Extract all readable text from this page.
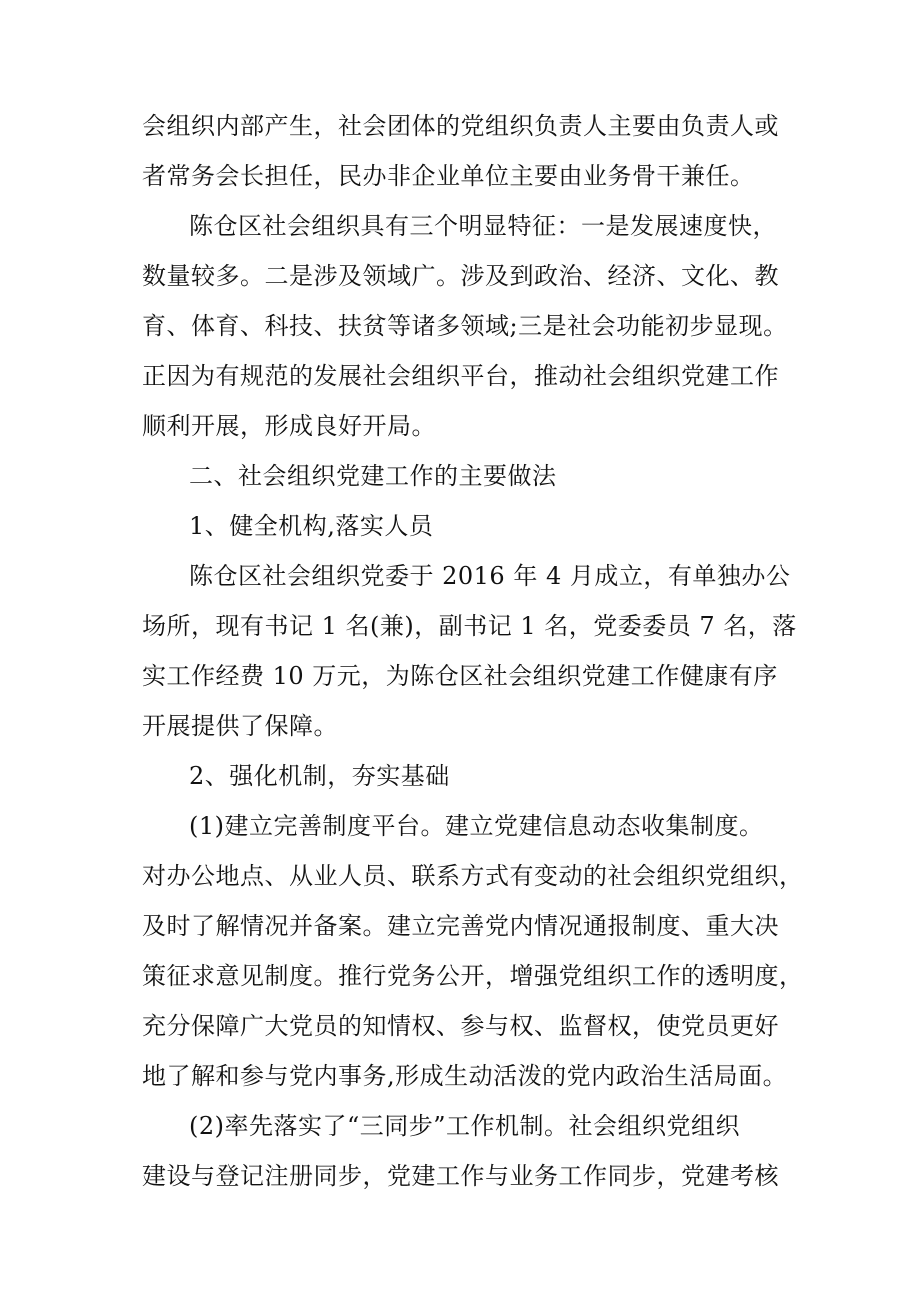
会组织内部产生，社会团体的党组织负责人主要由负责人或
者常务会长担任，民办非企业单位主要由业务骨干兼任。
陈仓区社会组织具有三个明显特征：一是发展速度快，
数量较多。二是涉及领域广。涉及到政治、经济、文化、教
育、体育、科技、扶贫等诸多领域;三是社会功能初步显现。
正因为有规范的发展社会组织平台，推动社会组织党建工作
顺利开展，形成良好开局。
二、社会组织党建工作的主要做法
1、健全机构,落实人员
陈仓区社会组织党委于 2016 年 4 月成立，有单独办公
场所，现有书记 1 名(兼)，副书记 1 名，党委委员 7 名，落
实工作经费 10 万元，为陈仓区社会组织党建工作健康有序
开展提供了保障。
2、强化机制，夯实基础
(1)建立完善制度平台。建立党建信息动态收集制度。
对办公地点、从业人员、联系方式有变动的社会组织党组织，
及时了解情况并备案。建立完善党内情况通报制度、重大决
策征求意见制度。推行党务公开，增强党组织工作的透明度，
充分保障广大党员的知情权、参与权、监督权，使党员更好
地了解和参与党内事务,形成生动活泼的党内政治生活局面。
(2)率先落实了“三同步”工作机制。社会组织党组织
建设与登记注册同步，党建工作与业务工作同步，党建考核
